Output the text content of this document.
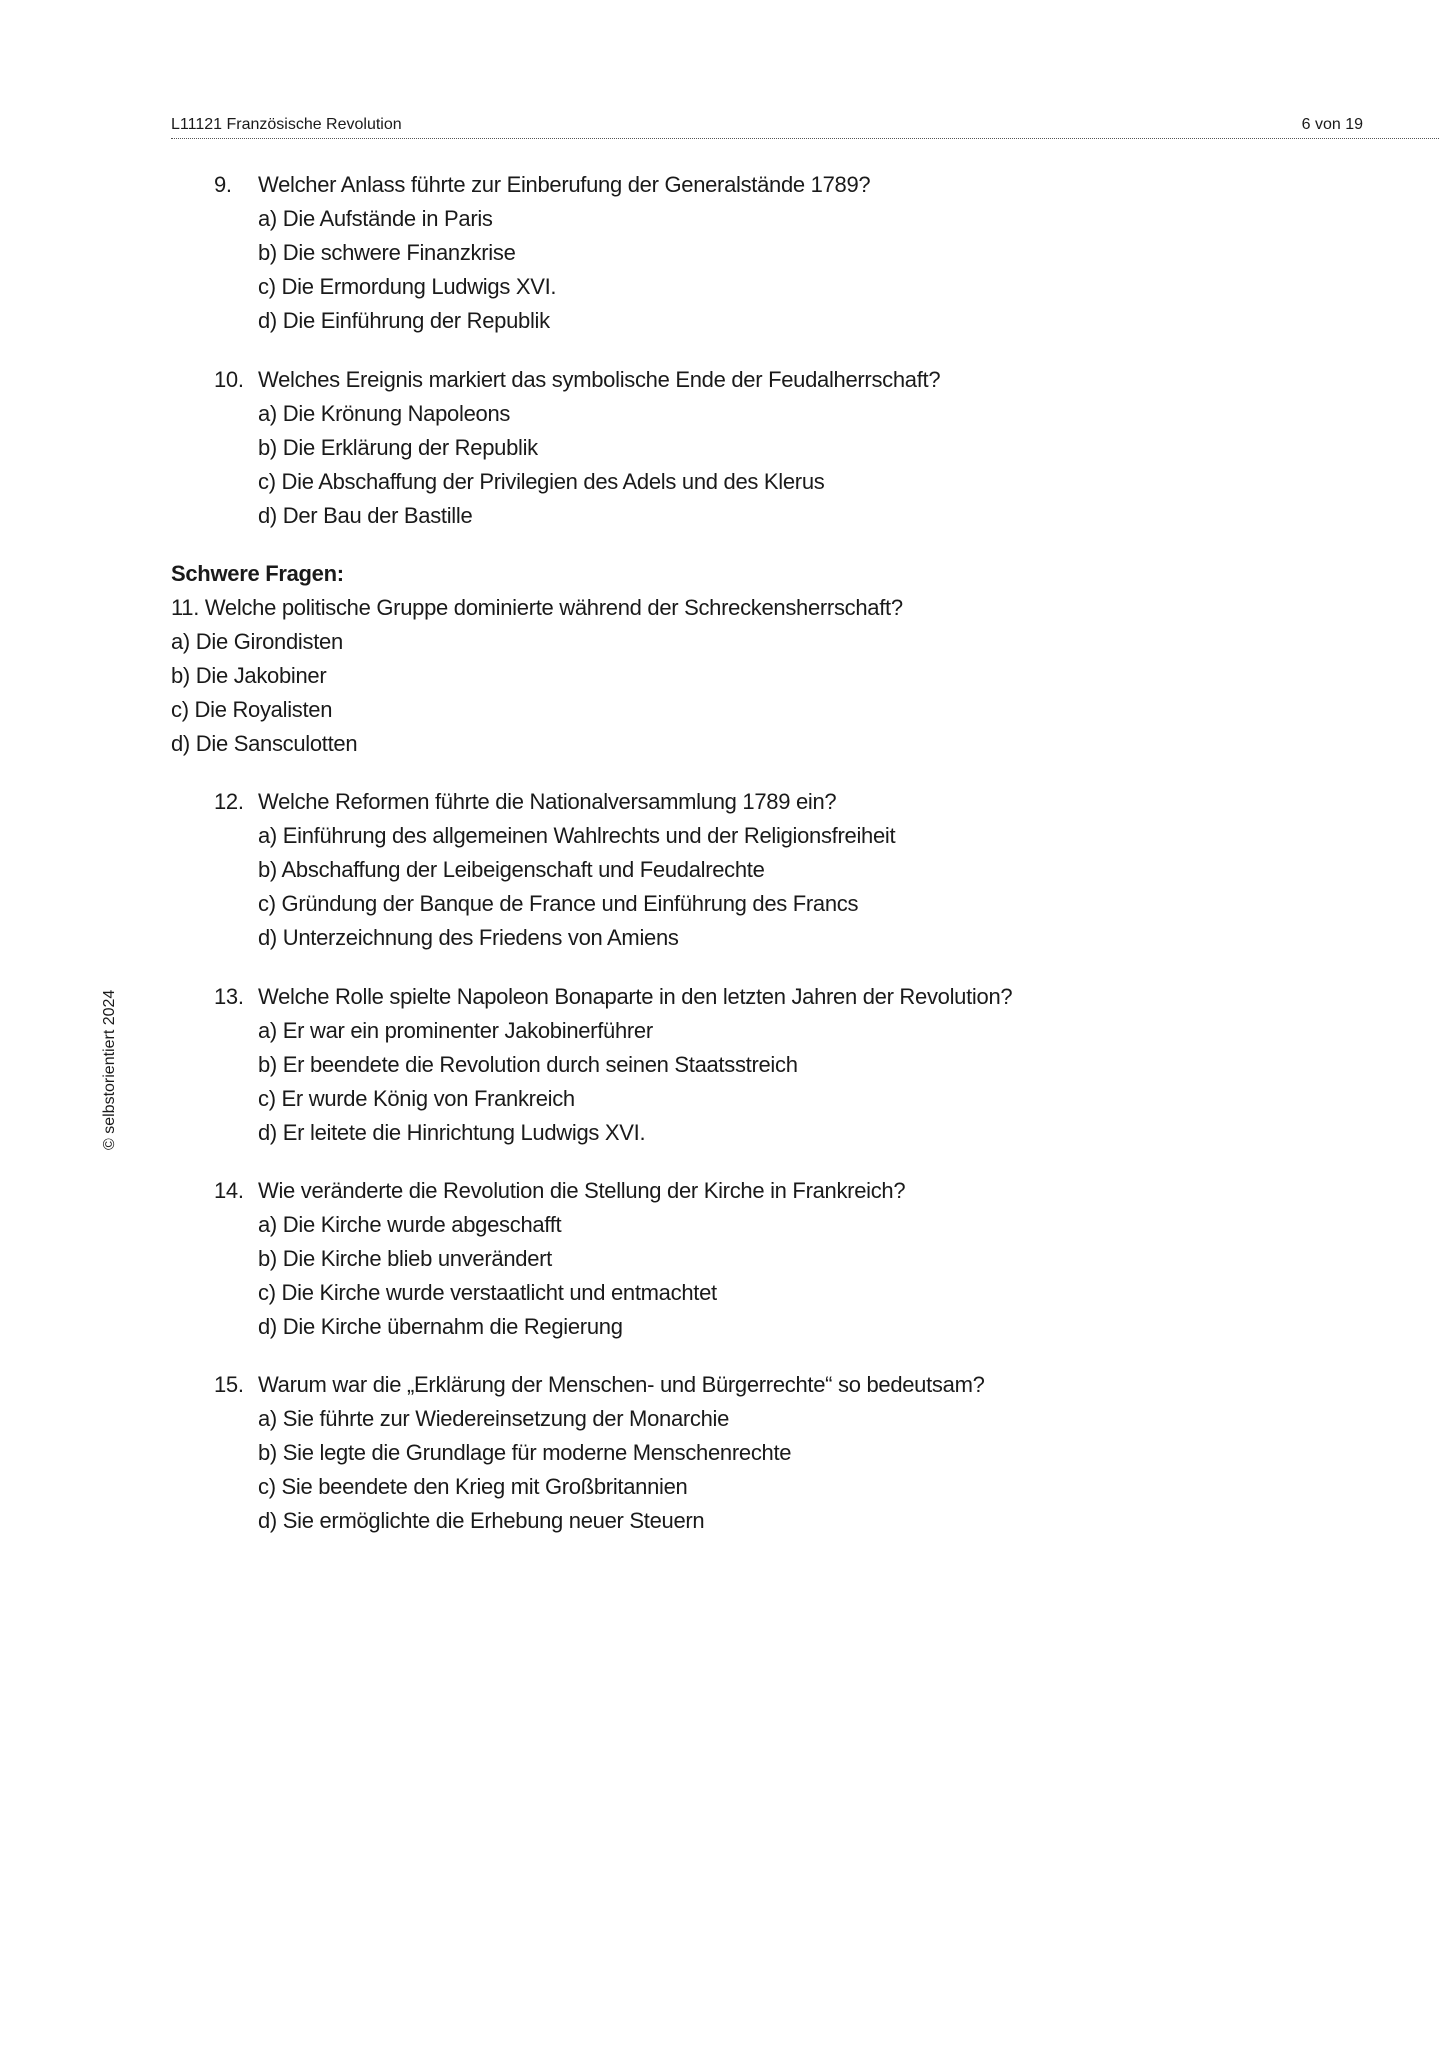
L11121 Französische Revolution	6 von 19
© selbstorientiert 2024
9. Welcher Anlass führte zur Einberufung der Generalstände 1789?
a) Die Aufstände in Paris
b) Die schwere Finanzkrise
c) Die Ermordung Ludwigs XVI.
d) Die Einführung der Republik
10. Welches Ereignis markiert das symbolische Ende der Feudalherrschaft?
a) Die Krönung Napoleons
b) Die Erklärung der Republik
c) Die Abschaffung der Privilegien des Adels und des Klerus
d) Der Bau der Bastille
Schwere Fragen:
11. Welche politische Gruppe dominierte während der Schreckensherrschaft?
a) Die Girondisten
b) Die Jakobiner
c) Die Royalisten
d) Die Sansculotten
12. Welche Reformen führte die Nationalversammlung 1789 ein?
a) Einführung des allgemeinen Wahlrechts und der Religionsfreiheit
b) Abschaffung der Leibeigenschaft und Feudalrechte
c) Gründung der Banque de France und Einführung des Francs
d) Unterzeichnung des Friedens von Amiens
13. Welche Rolle spielte Napoleon Bonaparte in den letzten Jahren der Revolution?
a) Er war ein prominenter Jakobinerführer
b) Er beendete die Revolution durch seinen Staatsstreich
c) Er wurde König von Frankreich
d) Er leitete die Hinrichtung Ludwigs XVI.
14. Wie veränderte die Revolution die Stellung der Kirche in Frankreich?
a) Die Kirche wurde abgeschafft
b) Die Kirche blieb unverändert
c) Die Kirche wurde verstaatlicht und entmachtet
d) Die Kirche übernahm die Regierung
15. Warum war die „Erklärung der Menschen- und Bürgerrechte“ so bedeutsam?
a) Sie führte zur Wiedereinsetzung der Monarchie
b) Sie legte die Grundlage für moderne Menschenrechte
c) Sie beendete den Krieg mit Großbritannien
d) Sie ermöglichte die Erhebung neuer Steuern
